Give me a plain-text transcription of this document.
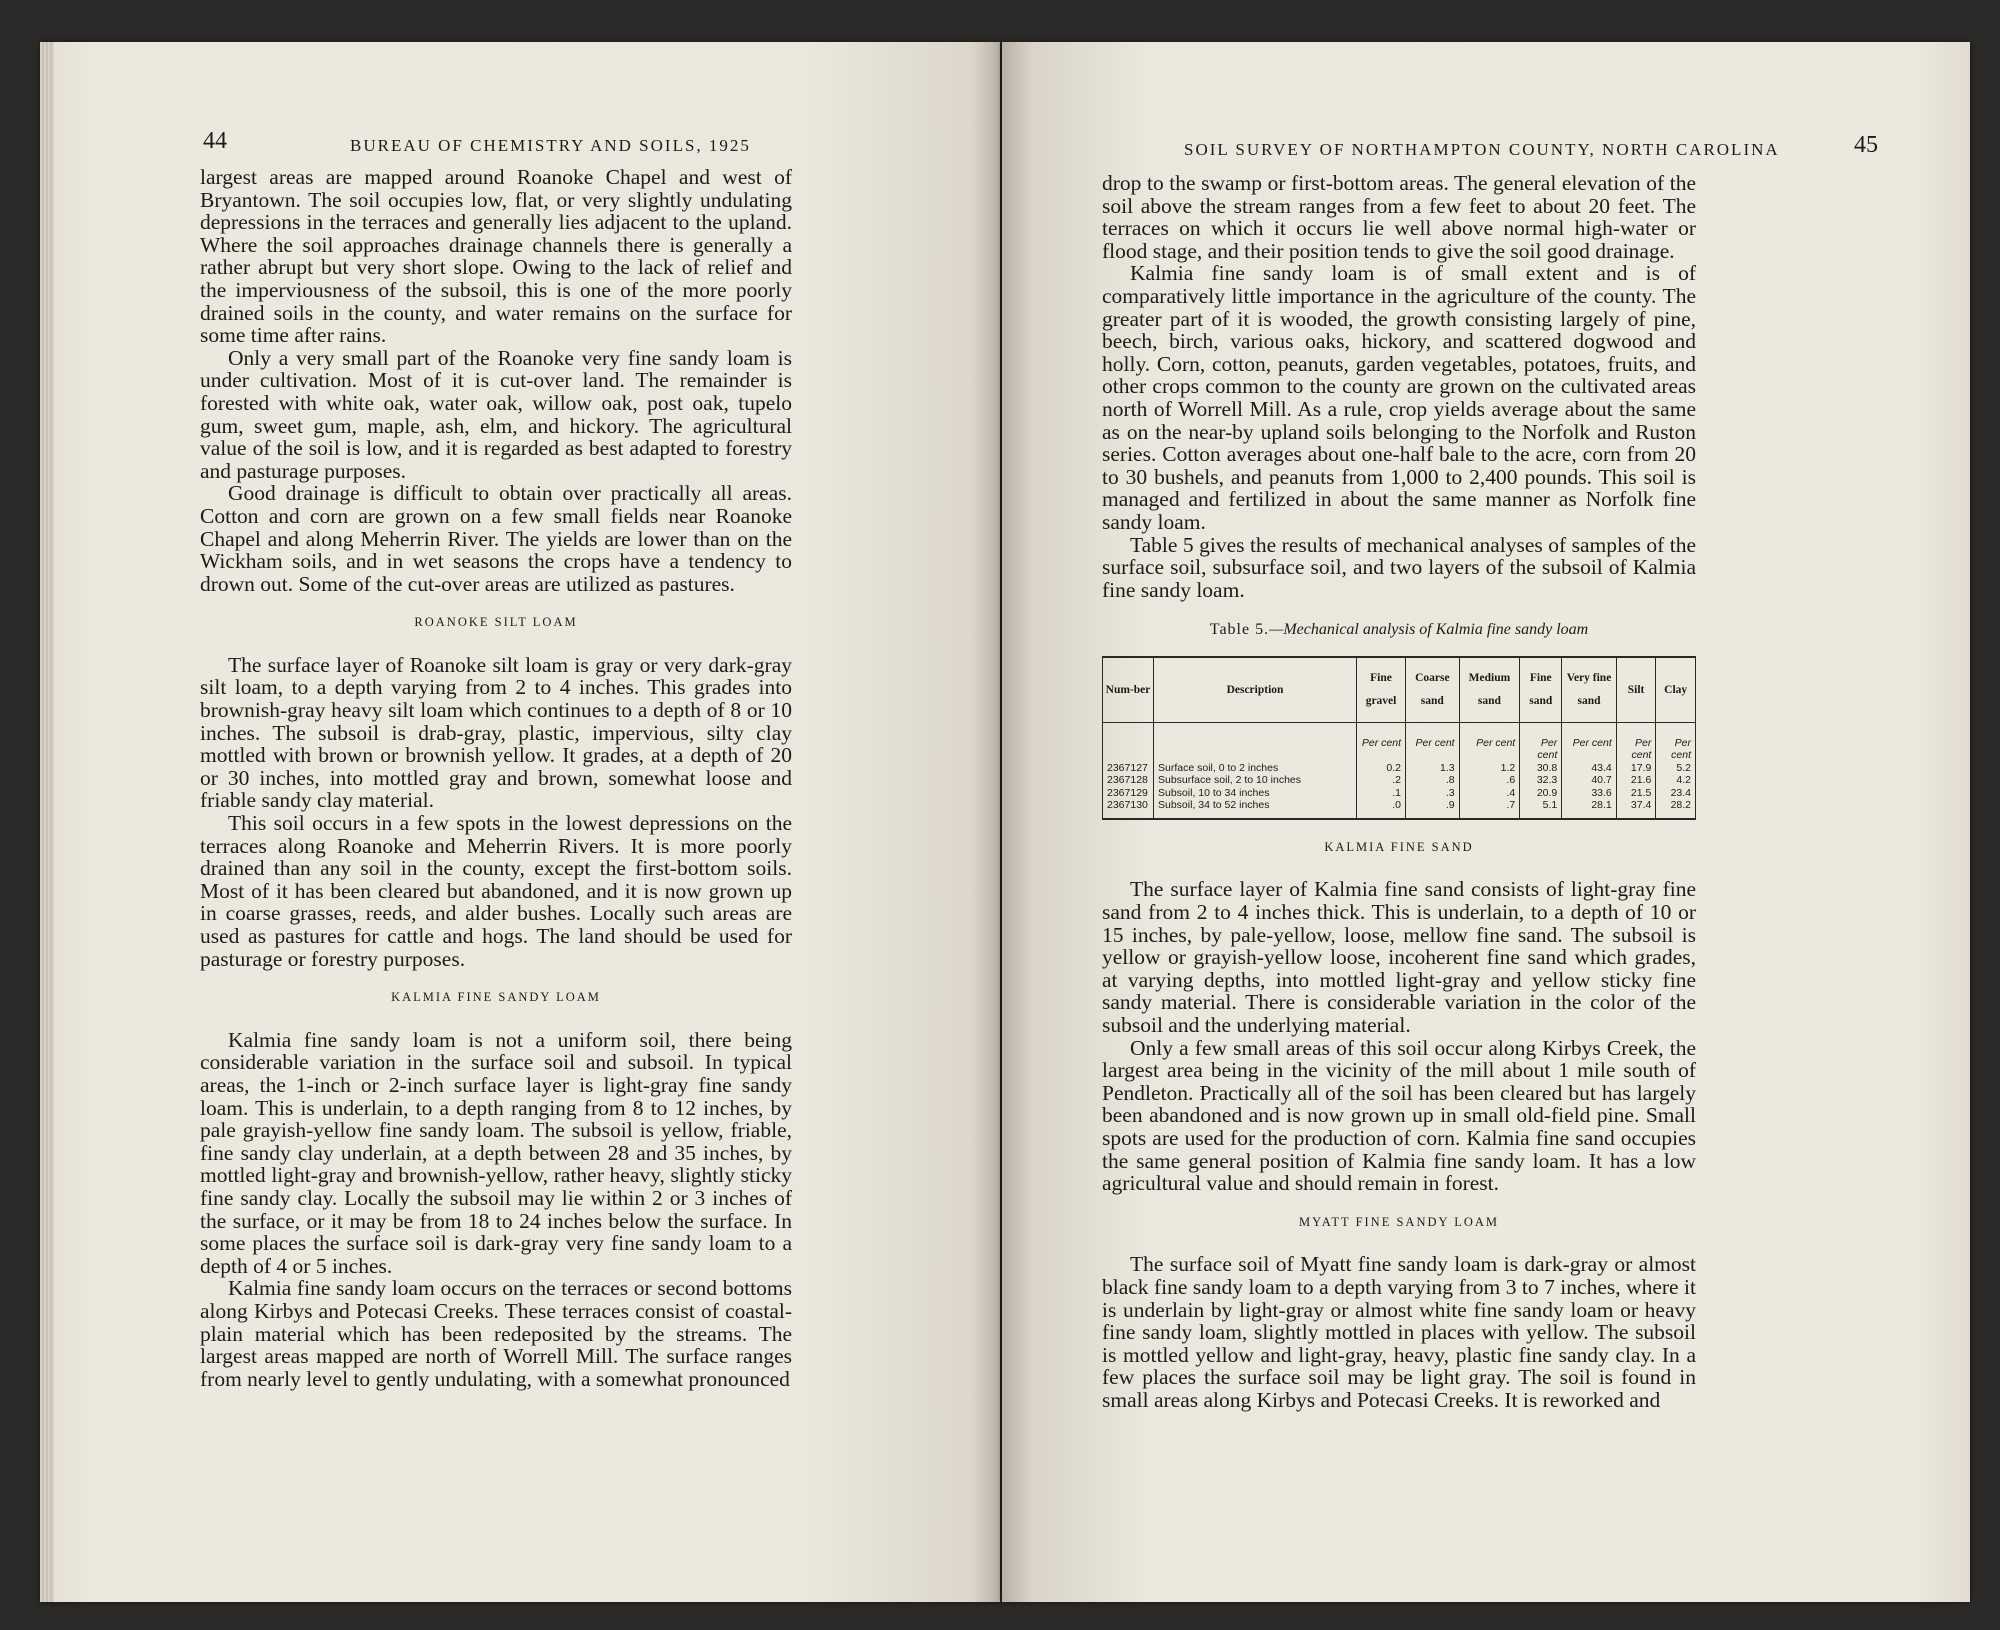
44	BUREAU OF CHEMISTRY AND SOILS, 1925

largest areas are mapped around Roanoke Chapel and west of Bryantown. The soil occupies low, flat, or very slightly undulating depressions in the terraces and generally lies adjacent to the upland. Where the soil approaches drainage channels there is generally a rather abrupt but very short slope. Owing to the lack of relief and the imperviousness of the subsoil, this is one of the more poorly drained soils in the county, and water remains on the surface for some time after rains.

Only a very small part of the Roanoke very fine sandy loam is under cultivation. Most of it is cut-over land. The remainder is forested with white oak, water oak, willow oak, post oak, tupelo gum, sweet gum, maple, ash, elm, and hickory. The agricultural value of the soil is low, and it is regarded as best adapted to forestry and pasturage purposes.

Good drainage is difficult to obtain over practically all areas. Cotton and corn are grown on a few small fields near Roanoke Chapel and along Meherrin River. The yields are lower than on the Wickham soils, and in wet seasons the crops have a tendency to drown out. Some of the cut-over areas are utilized as pastures.

ROANOKE SILT LOAM

The surface layer of Roanoke silt loam is gray or very dark-gray silt loam, to a depth varying from 2 to 4 inches. This grades into brownish-gray heavy silt loam which continues to a depth of 8 or 10 inches. The subsoil is drab-gray, plastic, impervious, silty clay mottled with brown or brownish yellow. It grades, at a depth of 20 or 30 inches, into mottled gray and brown, somewhat loose and friable sandy clay material.

This soil occurs in a few spots in the lowest depressions on the terraces along Roanoke and Meherrin Rivers. It is more poorly drained than any soil in the county, except the first-bottom soils. Most of it has been cleared but abandoned, and it is now grown up in coarse grasses, reeds, and alder bushes. Locally such areas are used as pastures for cattle and hogs. The land should be used for pasturage or forestry purposes.

KALMIA FINE SANDY LOAM

Kalmia fine sandy loam is not a uniform soil, there being considerable variation in the surface soil and subsoil. In typical areas, the 1-inch or 2-inch surface layer is light-gray fine sandy loam. This is underlain, to a depth ranging from 8 to 12 inches, by pale grayish-yellow fine sandy loam. The subsoil is yellow, friable, fine sandy clay underlain, at a depth between 28 and 35 inches, by mottled light-gray and brownish-yellow, rather heavy, slightly sticky fine sandy clay. Locally the subsoil may lie within 2 or 3 inches of the surface, or it may be from 18 to 24 inches below the surface. In some places the surface soil is dark-gray very fine sandy loam to a depth of 4 or 5 inches.

Kalmia fine sandy loam occurs on the terraces or second bottoms along Kirbys and Potecasi Creeks. These terraces consist of coastal-plain material which has been redeposited by the streams. The largest areas mapped are north of Worrell Mill. The surface ranges from nearly level to gently undulating, with a somewhat pronounced

SOIL SURVEY OF NORTHAMPTON COUNTY, NORTH CAROLINA	45

drop to the swamp or first-bottom areas. The general elevation of the soil above the stream ranges from a few feet to about 20 feet. The terraces on which it occurs lie well above normal high-water or flood stage, and their position tends to give the soil good drainage.

Kalmia fine sandy loam is of small extent and is of comparatively little importance in the agriculture of the county. The greater part of it is wooded, the growth consisting largely of pine, beech, birch, various oaks, hickory, and scattered dogwood and holly. Corn, cotton, peanuts, garden vegetables, potatoes, fruits, and other crops common to the county are grown on the cultivated areas north of Worrell Mill. As a rule, crop yields average about the same as on the near-by upland soils belonging to the Norfolk and Ruston series. Cotton averages about one-half bale to the acre, corn from 20 to 30 bushels, and peanuts from 1,000 to 2,400 pounds. This soil is managed and fertilized in about the same manner as Norfolk fine sandy loam.

Table 5 gives the results of mechanical analyses of samples of the surface soil, subsurface soil, and two layers of the subsoil of Kalmia fine sandy loam.

Table 5.—Mechanical analysis of Kalmia fine sandy loam
Num-ber	Description	Fine gravel	Coarse sand	Medium sand	Fine sand	Very fine sand	Silt	Clay
		Per cent	Per cent	Per cent	Per cent	Per cent	Per cent	Per cent
2367127	Surface soil, 0 to 2 inches	0.2	1.3	1.2	30.8	43.4	17.9	5.2
2367128	Subsurface soil, 2 to 10 inches	.2	.8	.6	32.3	40.7	21.6	4.2
2367129	Subsoil, 10 to 34 inches	.1	.3	.4	20.9	33.6	21.5	23.4
2367130	Subsoil, 34 to 52 inches	.0	.9	.7	5.1	28.1	37.4	28.2
KALMIA FINE SAND

The surface layer of Kalmia fine sand consists of light-gray fine sand from 2 to 4 inches thick. This is underlain, to a depth of 10 or 15 inches, by pale-yellow, loose, mellow fine sand. The subsoil is yellow or grayish-yellow loose, incoherent fine sand which grades, at varying depths, into mottled light-gray and yellow sticky fine sandy material. There is considerable variation in the color of the subsoil and the underlying material.

Only a few small areas of this soil occur along Kirbys Creek, the largest area being in the vicinity of the mill about 1 mile south of Pendleton. Practically all of the soil has been cleared but has largely been abandoned and is now grown up in small old-field pine. Small spots are used for the production of corn. Kalmia fine sand occupies the same general position of Kalmia fine sandy loam. It has a low agricultural value and should remain in forest.

MYATT FINE SANDY LOAM

The surface soil of Myatt fine sandy loam is dark-gray or almost black fine sandy loam to a depth varying from 3 to 7 inches, where it is underlain by light-gray or almost white fine sandy loam or heavy fine sandy loam, slightly mottled in places with yellow. The subsoil is mottled yellow and light-gray, heavy, plastic fine sandy clay. In a few places the surface soil may be light gray. The soil is found in small areas along Kirbys and Potecasi Creeks. It is reworked and
